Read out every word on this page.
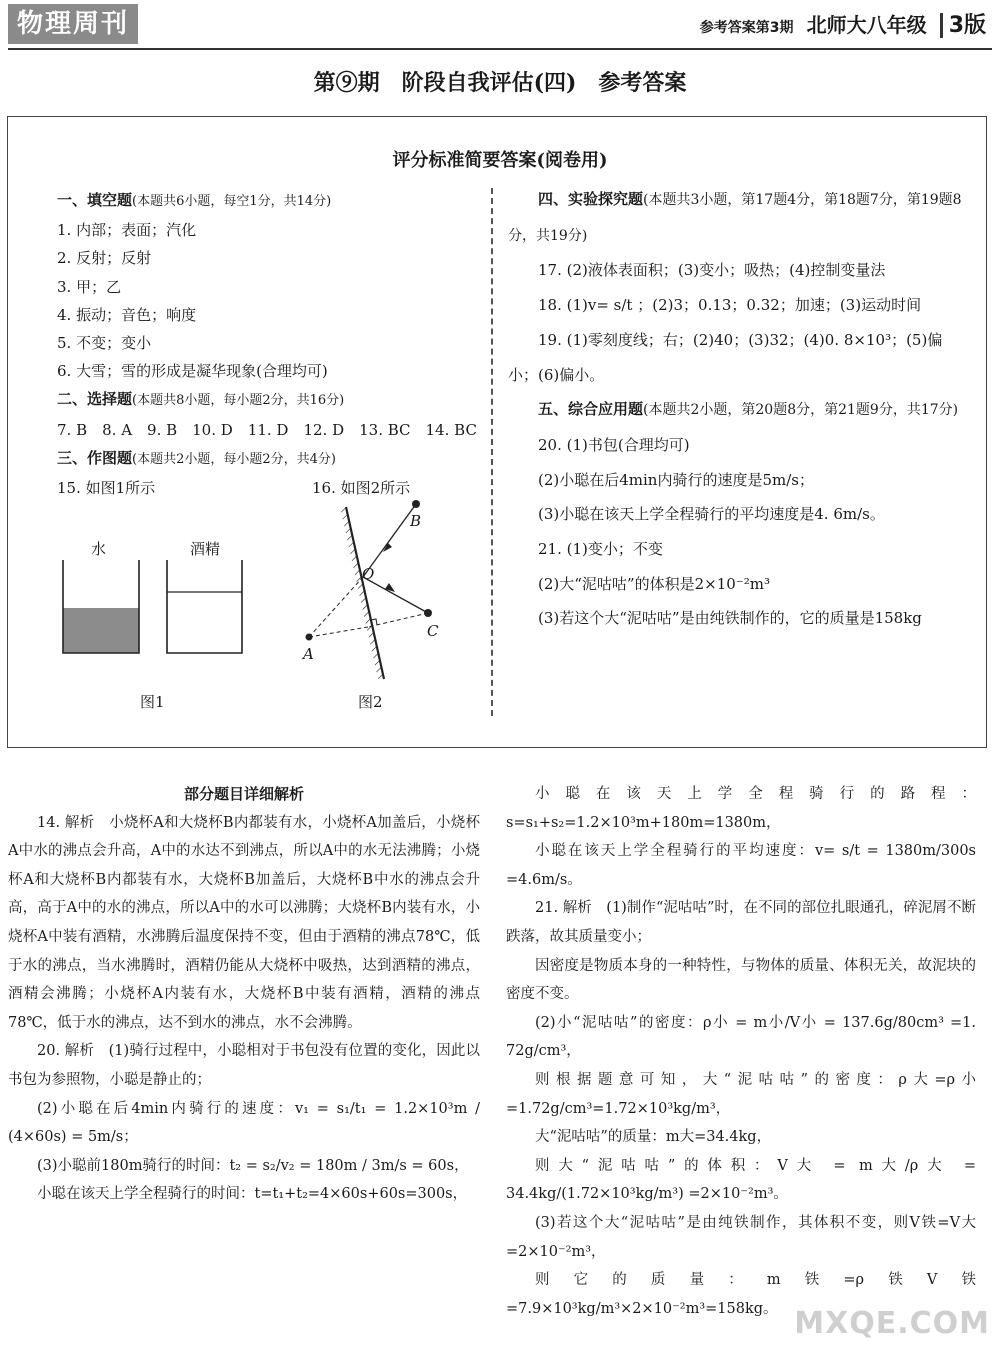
物理周刊	参考答案第3期 北师大八年级 3版
第⑨期　阶段自我评估(四)　参考答案
评分标准简要答案(阅卷用)

一、填空题(本题共6小题，每空1分，共14分)

1. 内部；表面；汽化

2. 反射；反射

3. 甲；乙

4. 振动；音色；响度

5. 不变；变小

6. 大雪；雪的形成是凝华现象(合理均可)

二、选择题(本题共8小题，每小题2分，共16分)

7. B 8. A 9. B 10. D 11. D 12. D 13. BC 14. BC

三、作图题(本题共2小题，每小题2分，共4分)

15. 如图1所示	16. 如图2所示

水	酒精
图1
B
O
C
A
图2

四、实验探究题(本题共3小题，第17题4分，第18题7分，第19题8分，共19分)

17. (2)液体表面积；(3)变小；吸热；(4)控制变量法

18. (1)v= s/t ；(2)3；0.13；0.32；加速；(3)运动时间

19. (1)零刻度线；右；(2)40；(3)32；(4)0. 8×10³；(5)偏小；(6)偏小。

五、综合应用题(本题共2小题，第20题8分，第21题9分，共17分)

20. (1)书包(合理均可)

(2)小聪在后4min内骑行的速度是5m/s；

(3)小聪在该天上学全程骑行的平均速度是4. 6m/s。

21. (1)变小；不变

(2)大“泥咕咕”的体积是2×10⁻²m³

(3)若这个大“泥咕咕”是由纯铁制作的，它的质量是158kg

部分题目详细解析

14. 解析　小烧杯A和大烧杯B内都装有水，小烧杯A加盖后，小烧杯A中水的沸点会升高，A中的水达不到沸点，所以A中的水无法沸腾；小烧杯A和大烧杯B内都装有水，大烧杯B加盖后，大烧杯B中水的沸点会升高，高于A中的水的沸点，所以A中的水可以沸腾；大烧杯B内装有水，小烧杯A中装有酒精，水沸腾后温度保持不变，但由于酒精的沸点78℃，低于水的沸点，当水沸腾时，酒精仍能从大烧杯中吸热，达到酒精的沸点，酒精会沸腾；小烧杯A内装有水，大烧杯B中装有酒精，酒精的沸点78℃，低于水的沸点，达不到水的沸点，水不会沸腾。

20. 解析　(1)骑行过程中，小聪相对于书包没有位置的变化，因此以书包为参照物，小聪是静止的；

(2)小聪在后4min内骑行的速度：v₁ = s₁/t₁ = 1.2×10³m / (4×60s) = 5m/s；

(3)小聪前180m骑行的时间：t₂ = s₂/v₂ = 180m / 3m/s = 60s，

小聪在该天上学全程骑行的时间：t=t₁+t₂=4×60s+60s=300s，

小聪在该天上学全程骑行的路程：s=s₁+s₂=1.2×10³m+180m=1380m，

小聪在该天上学全程骑行的平均速度：v= s/t = 1380m/300s =4.6m/s。

21. 解析　(1)制作“泥咕咕”时，在不同的部位扎眼通孔，碎泥屑不断跌落，故其质量变小；

因密度是物质本身的一种特性，与物体的质量、体积无关，故泥块的密度不变。

(2)小“泥咕咕”的密度：ρ小 = m小/V小 = 137.6g/80cm³ =1. 72g/cm³，

则根据题意可知，大“泥咕咕”的密度：ρ大=ρ小=1.72g/cm³=1.72×10³kg/m³，

大“泥咕咕”的质量：m大=34.4kg，

则大“泥咕咕”的体积：V大 = m大/ρ大 = 34.4kg/(1.72×10³kg/m³) =2×10⁻²m³。

(3)若这个大“泥咕咕”是由纯铁制作，其体积不变，则V铁=V大=2×10⁻²m³，

则它的质量：m铁=ρ铁V铁=7.9×10³kg/m³×2×10⁻²m³=158kg。 MXQE.COM
